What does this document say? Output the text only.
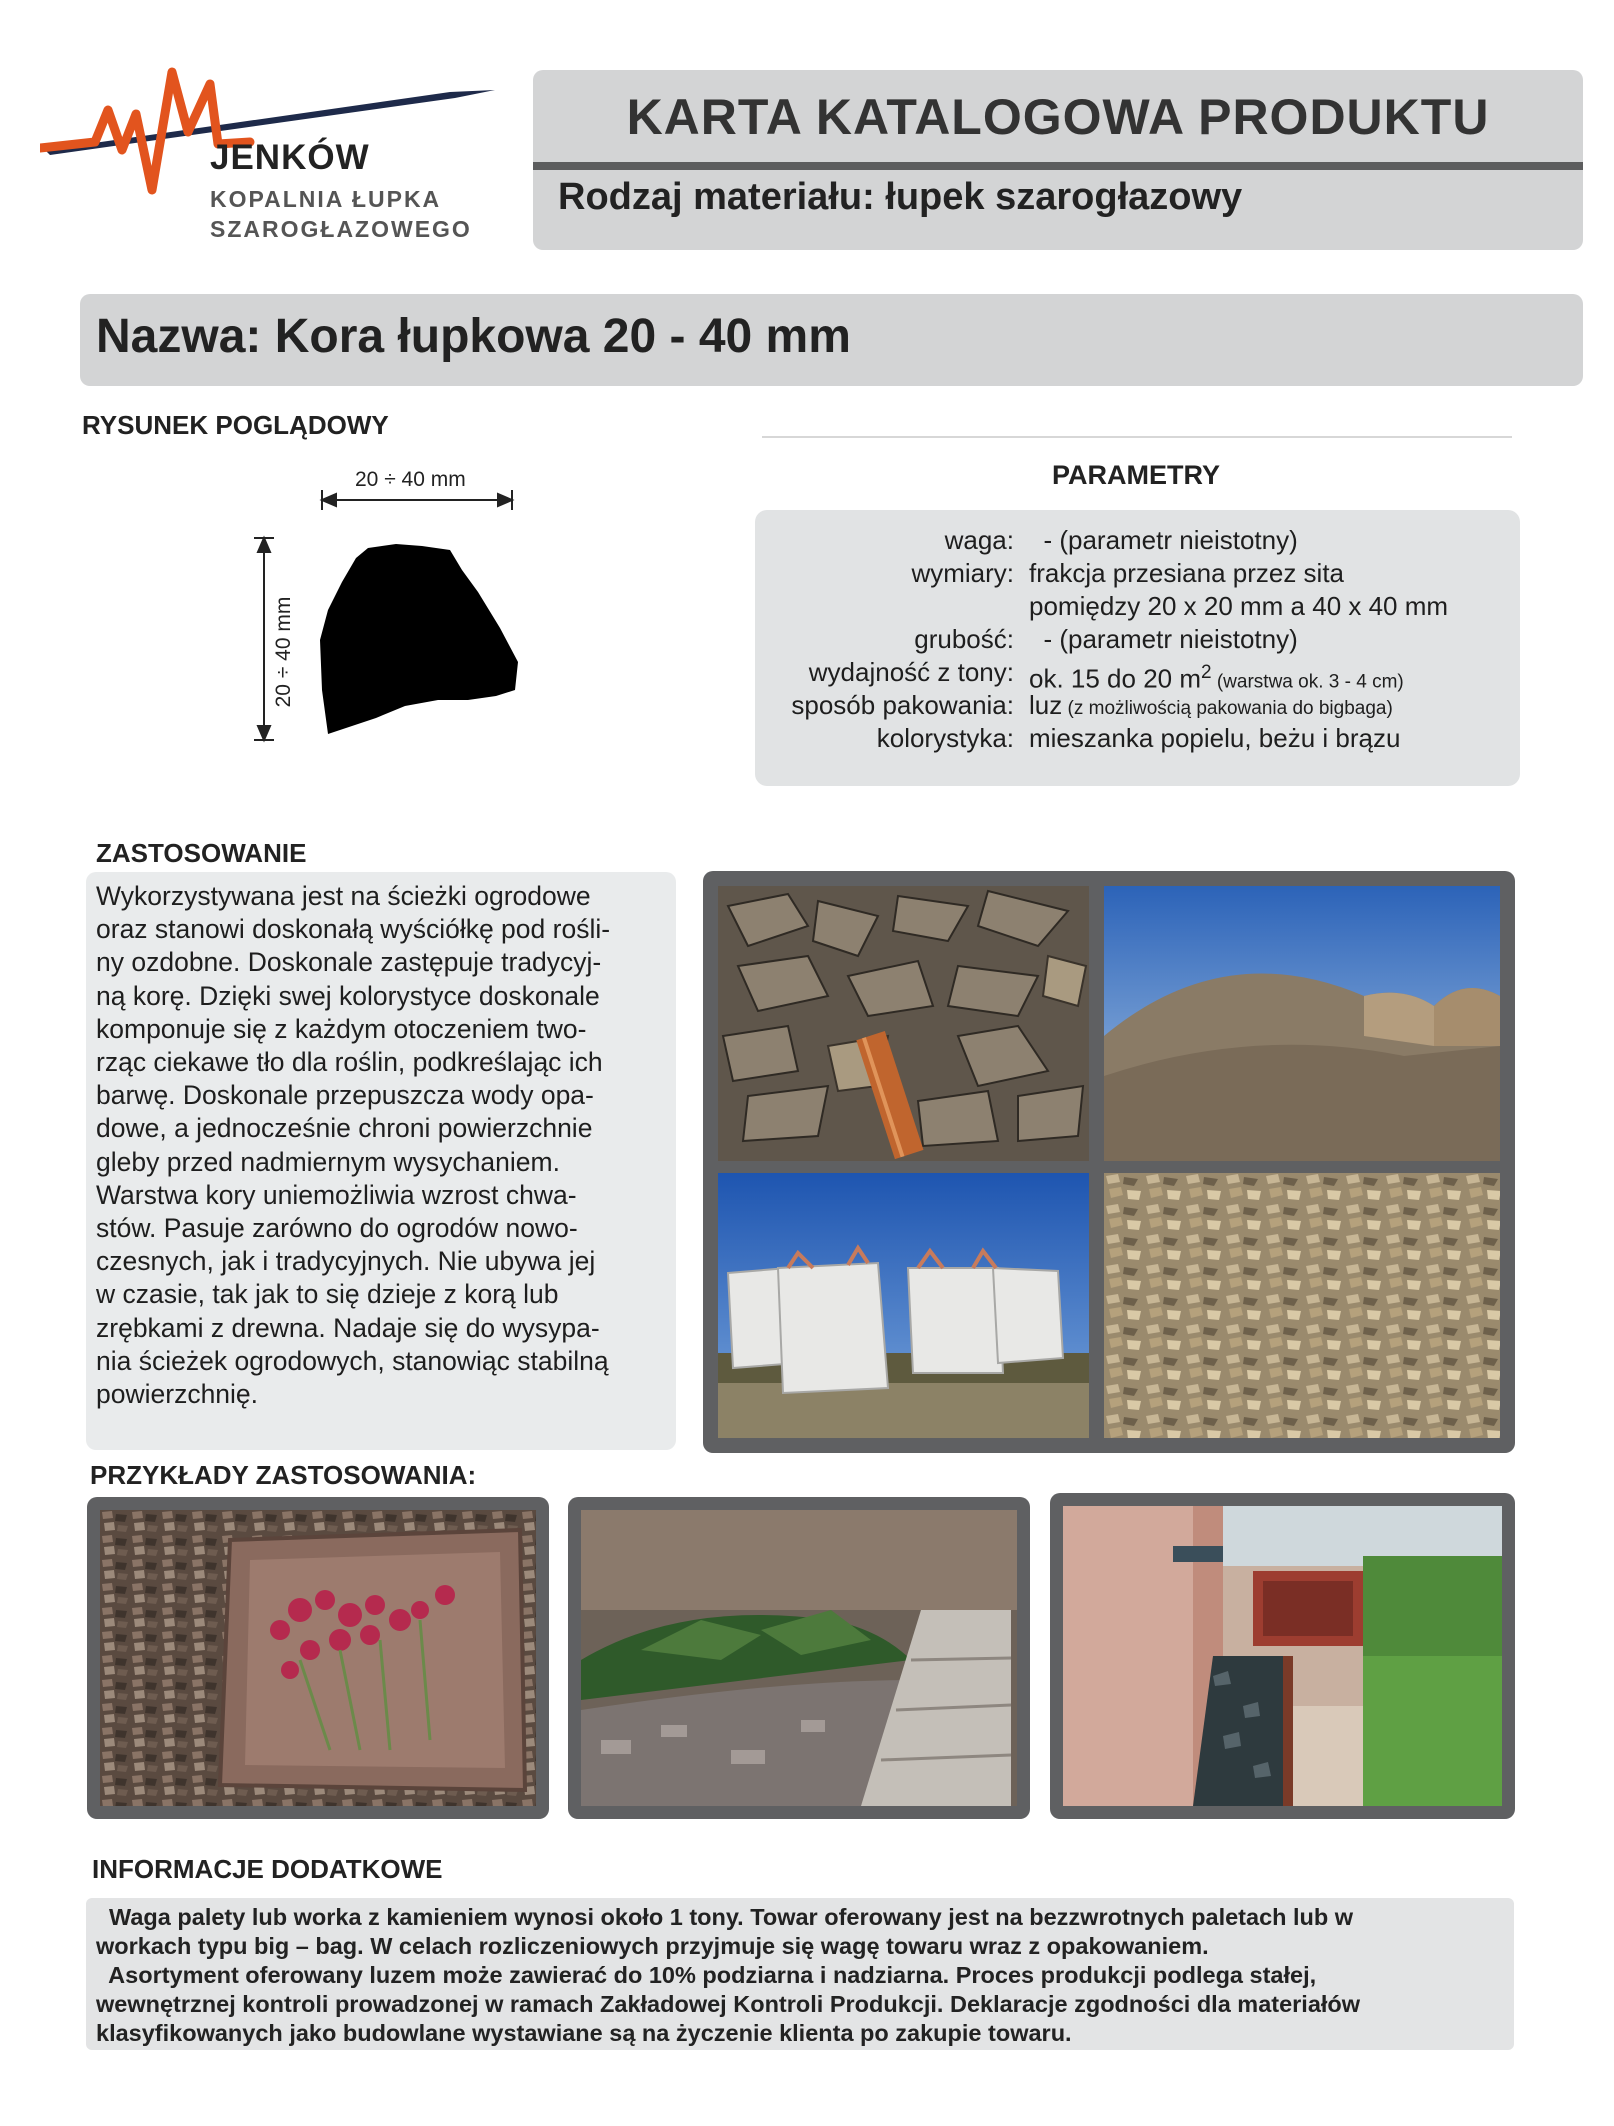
JENKÓW
KOPALNIA ŁUPKA
SZAROGŁAZOWEGO
KARTA KATALOGOWA PRODUKTU
Rodzaj materiału: łupek szarogłazowy
Nazwa: Kora łupkowa 20 - 40 mm
RYSUNEK POGLĄDOWY
20 ÷ 40 mm
20 ÷ 40 mm
PARAMETRY
waga: - (parametr nieistotny)
wymiary: frakcja przesiana przez sita
pomiędzy 20 x 20 mm a 40 x 40 mm
grubość: - (parametr nieistotny)
wydajność z tony: ok. 15 do 20 $m^2$ (warstwa ok. 3 - 4 cm)
sposób pakowania: luz (z możliwością pakowania do bigbaga)
kolorystyka: mieszanka popielu, beżu i brązu
ZASTOSOWANIE
Wykorzystywana jest na ścieżki ogrodowe
oraz stanowi doskonałą wyściółkę pod rośli-
ny ozdobne. Doskonale zastępuje tradycyj-
ną korę. Dzięki swej kolorystyce doskonale
komponuje się z każdym otoczeniem two-
rząc ciekawe tło dla roślin, podkreślając ich
barwę. Doskonale przepuszcza wody opa-
dowe, a jednocześnie chroni powierzchnie
gleby przed nadmiernym wysychaniem.
Warstwa kory uniemożliwia wzrost chwa-
stów. Pasuje zarówno do ogrodów nowo-
czesnych, jak i tradycyjnych. Nie ubywa jej
w czasie, tak jak to się dzieje z korą lub
zrębkami z drewna. Nadaje się do wysypa-
nia ścieżek ogrodowych, stanowiąc stabilną
powierzchnię.
PRZYKŁADY ZASTOSOWANIA:
INFORMACJE DODATKOWE
Waga palety lub worka z kamieniem wynosi około 1 tony. Towar oferowany jest na bezzwrotnych paletach lub w
workach typu big – bag. W celach rozliczeniowych przyjmuje się wagę towaru wraz z opakowaniem.
Asortyment oferowany luzem może zawierać do 10% podziarna i nadziarna. Proces produkcji podlega stałej,
wewnętrznej kontroli prowadzonej w ramach Zakładowej Kontroli Produkcji. Deklaracje zgodności dla materiałów
klasyfikowanych jako budowlane wystawiane są na życzenie klienta po zakupie towaru.
